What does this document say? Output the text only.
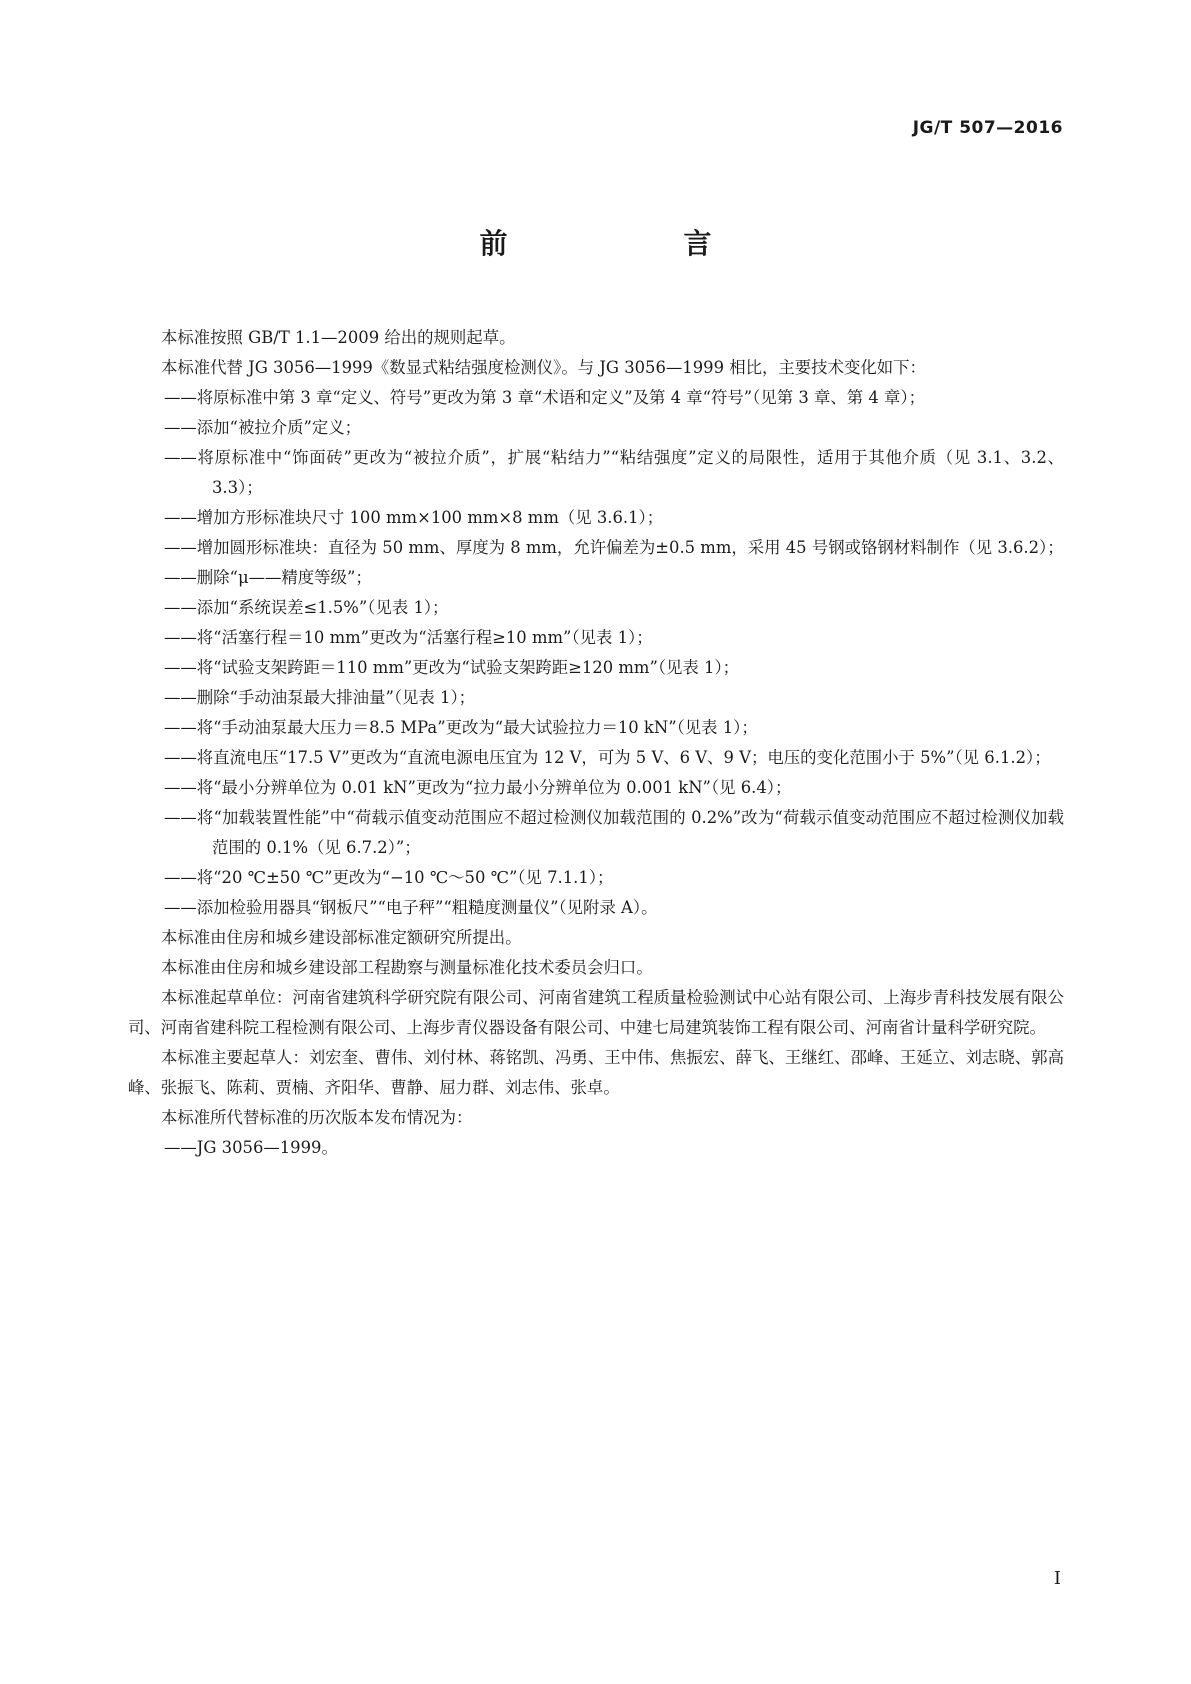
JG/T 507—2016
前　　言

本标准按照 GB/T 1.1—2009 给出的规则起草。

本标准代替 JG 3056—1999《数显式粘结强度检测仪》。与 JG 3056—1999 相比，主要技术变化如下：

——将原标准中第 3 章“定义、符号”更改为第 3 章“术语和定义”及第 4 章“符号”（见第 3 章、第 4 章）；

——添加“被拉介质”定义；

——将原标准中“饰面砖”更改为“被拉介质”，扩展“粘结力”“粘结强度”定义的局限性，适用于其他介质（见 3.1、3.2、3.3）；

——增加方形标准块尺寸 100 mm×100 mm×8 mm（见 3.6.1）；

——增加圆形标准块：直径为 50 mm、厚度为 8 mm，允许偏差为±0.5 mm，采用 45 号钢或铬钢材料制作（见 3.6.2）；

——删除“μ——精度等级”；

——添加“系统误差≤1.5%”（见表 1）；

——将“活塞行程＝10 mm”更改为“活塞行程≥10 mm”（见表 1）；

——将“试验支架跨距＝110 mm”更改为“试验支架跨距≥120 mm”（见表 1）；

——删除“手动油泵最大排油量”（见表 1）；

——将“手动油泵最大压力＝8.5 MPa”更改为“最大试验拉力＝10 kN”（见表 1）；

——将直流电压“17.5 V”更改为“直流电源电压宜为 12 V，可为 5 V、6 V、9 V；电压的变化范围小于 5%”（见 6.1.2）；

——将“最小分辨单位为 0.01 kN”更改为“拉力最小分辨单位为 0.001 kN”（见 6.4）；

——将“加载装置性能”中“荷载示值变动范围应不超过检测仪加载范围的 0.2%”改为“荷载示值变动范围应不超过检测仪加载范围的 0.1%（见 6.7.2）”；

——将“20 ℃±50 ℃”更改为“−10 ℃～50 ℃”（见 7.1.1）；

——添加检验用器具“钢板尺”“电子秤”“粗糙度测量仪”（见附录 A）。

本标准由住房和城乡建设部标准定额研究所提出。

本标准由住房和城乡建设部工程勘察与测量标准化技术委员会归口。

本标准起草单位：河南省建筑科学研究院有限公司、河南省建筑工程质量检验测试中心站有限公司、上海步青科技发展有限公司、河南省建科院工程检测有限公司、上海步青仪器设备有限公司、中建七局建筑装饰工程有限公司、河南省计量科学研究院。

本标准主要起草人：刘宏奎、曹伟、刘付林、蒋铭凯、冯勇、王中伟、焦振宏、薛飞、王继红、邵峰、王延立、刘志晓、郭高峰、张振飞、陈莉、贾楠、齐阳华、曹静、屈力群、刘志伟、张卓。

本标准所代替标准的历次版本发布情况为：

——JG 3056—1999。

I
